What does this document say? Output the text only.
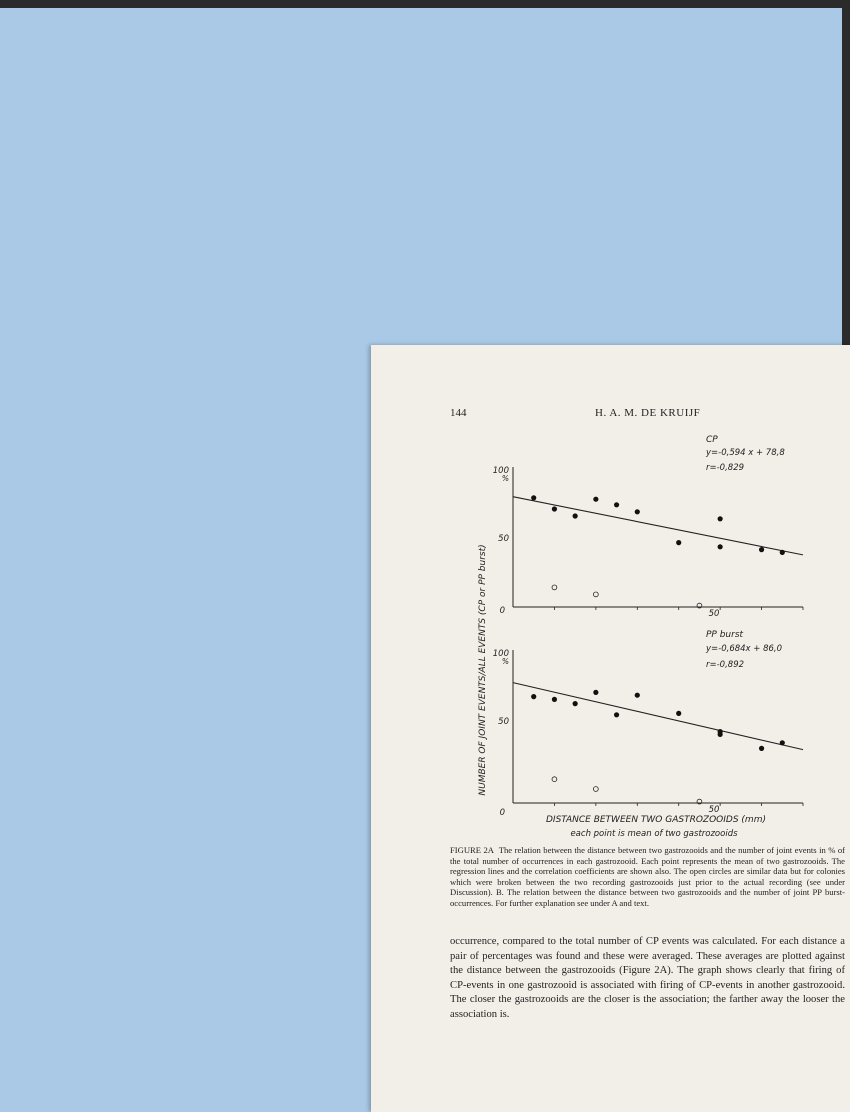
144	H. A. M. DE KRUIJF
NUMBER OF JOINT EVENTS/ALL EVENTS (CP or PP burst)
100
%
50
0	50
CP
y=-0,594 x + 78,8
r=-0,829
100
%
50
0	50
PP burst
y=-0,684x + 86,0
r=-0,892
DISTANCE BETWEEN TWO GASTROZOOIDS (mm)
each point is mean of two gastrozooids
FIGURE 2A The relation between the distance between two gastrozooids and the number of joint events in % of the total number of occurrences in each gastrozooid. Each point represents the mean of two gastrozooids. The regression lines and the correlation coefficients are shown also. The open circles are similar data but for colonies which were broken between the two recording gastrozooids just prior to the actual recording (see under Discussion). B. The relation between the distance between two gastrozooids and the number of joint PP burst-occurrences. For further explanation see under A and text.
occurrence, compared to the total number of CP events was calculated. For each distance a pair of percentages was found and these were averaged. These averages are plotted against the distance between the gastrozooids (Figure 2A). The graph shows clearly that firing of CP-events in one gastrozooid is associated with firing of CP-events in another gastrozooid. The closer the gastrozooids are the closer is the association; the farther away the looser the association is.
